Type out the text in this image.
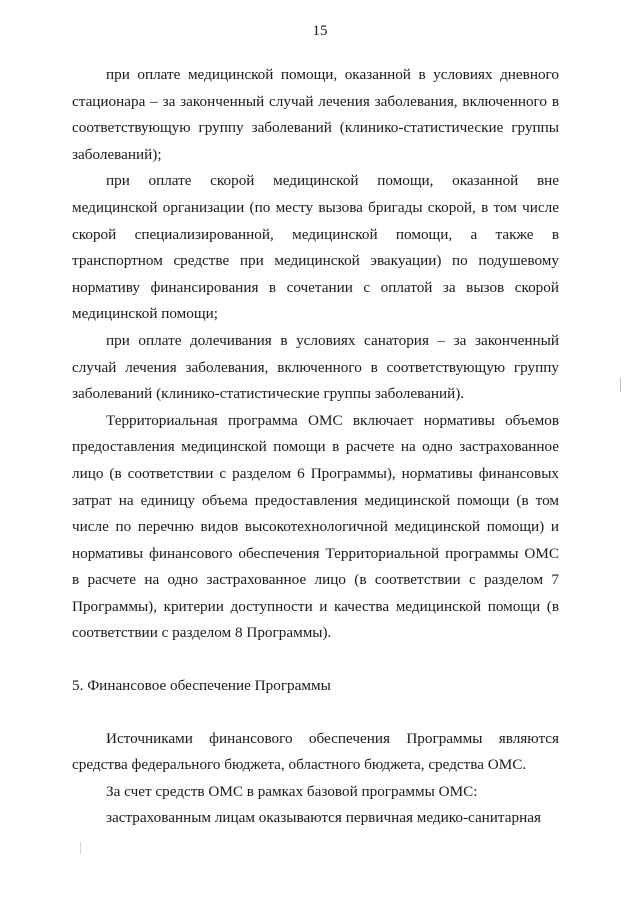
15

при оплате медицинской помощи, оказанной в условиях дневного стационара – за законченный случай лечения заболевания, включенного в соответствующую группу заболеваний (клинико-статистические группы заболеваний);

при оплате скорой медицинской помощи, оказанной вне медицинской организации (по месту вызова бригады скорой, в том числе скорой специализированной, медицинской помощи, а также в транспортном средстве при медицинской эвакуации) по подушевому нормативу финансирования в сочетании с оплатой за вызов скорой медицинской помощи;

при оплате долечивания в условиях санатория – за законченный случай лечения заболевания, включенного в соответствующую группу заболеваний (клинико-статистические группы заболеваний).

Территориальная программа ОМС включает нормативы объемов предоставления медицинской помощи в расчете на одно застрахованное лицо (в соответствии с разделом 6 Программы), нормативы финансовых затрат на единицу объема предоставления медицинской помощи (в том числе по перечню видов высокотехнологичной медицинской помощи) и нормативы финансового обеспечения Территориальной программы ОМС в расчете на одно застрахованное лицо (в соответствии с разделом 7 Программы), критерии доступности и качества медицинской помощи (в соответствии с разделом 8 Программы).

5. Финансовое обеспечение Программы

Источниками финансового обеспечения Программы являются средства федерального бюджета, областного бюджета, средства ОМС.

За счет средств ОМС в рамках базовой программы ОМС:

застрахованным лицам оказываются первичная медико-санитарная
